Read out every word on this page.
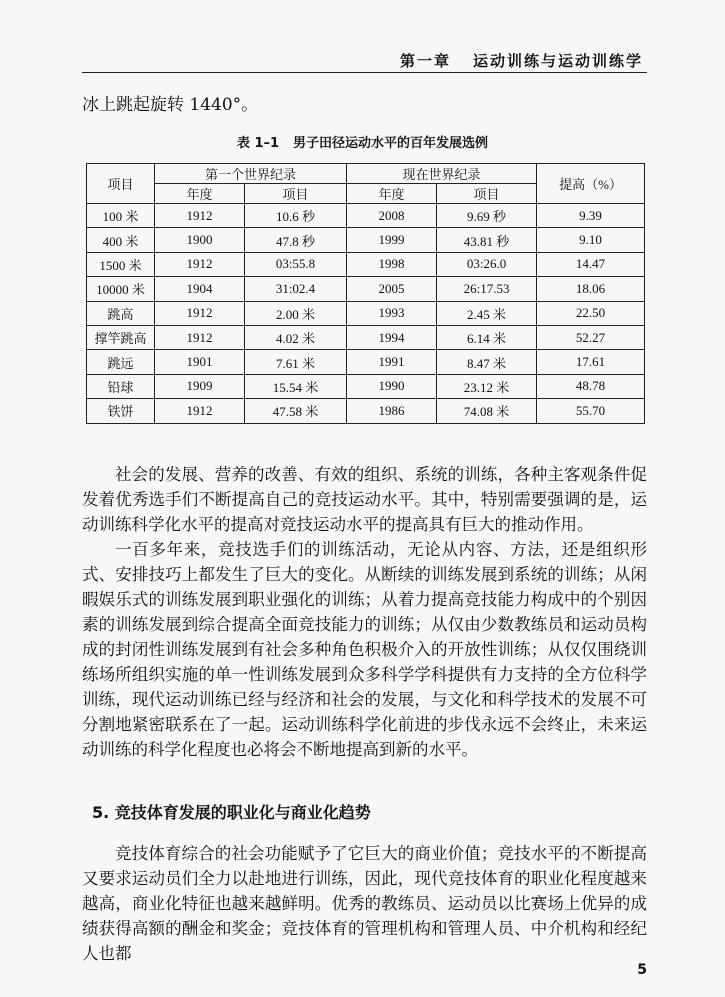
第一章 运动训练与运动训练学
冰上跳起旋转 1440°。
表 1–1 男子田径运动水平的百年发展选例
项目	第一个世界纪录		现在世界纪录		提高（%）
	年度	项目	年度	项目	
100 米	1912	10.6 秒	2008	9.69 秒	9.39
400 米	1900	47.8 秒	1999	43.81 秒	9.10
1500 米	1912	03:55.8	1998	03:26.0	14.47
10000 米	1904	31:02.4	2005	26:17.53	18.06
跳高	1912	2.00 米	1993	2.45 米	22.50
撑竿跳高	1912	4.02 米	1994	6.14 米	52.27
跳远	1901	7.61 米	1991	8.47 米	17.61
铅球	1909	15.54 米	1990	23.12 米	48.78
铁饼	1912	47.58 米	1986	74.08 米	55.70

社会的发展、营养的改善、有效的组织、系统的训练，各种主客观条件促发着优秀选手们不断提高自己的竞技运动水平。其中，特别需要强调的是，运动训练科学化水平的提高对竞技运动水平的提高具有巨大的推动作用。

一百多年来，竞技选手们的训练活动，无论从内容、方法，还是组织形式、安排技巧上都发生了巨大的变化。从断续的训练发展到系统的训练；从闲暇娱乐式的训练发展到职业强化的训练；从着力提高竞技能力构成中的个别因素的训练发展到综合提高全面竞技能力的训练；从仅由少数教练员和运动员构成的封闭性训练发展到有社会多种角色积极介入的开放性训练；从仅仅围绕训练场所组织实施的单一性训练发展到众多科学学科提供有力支持的全方位科学训练，现代运动训练已经与经济和社会的发展，与文化和科学技术的发展不可分割地紧密联系在了一起。运动训练科学化前进的步伐永远不会终止，未来运动训练的科学化程度也必将会不断地提高到新的水平。

5. 竞技体育发展的职业化与商业化趋势

竞技体育综合的社会功能赋予了它巨大的商业价值；竞技水平的不断提高又要求运动员们全力以赴地进行训练，因此，现代竞技体育的职业化程度越来越高，商业化特征也越来越鲜明。优秀的教练员、运动员以比赛场上优异的成绩获得高额的酬金和奖金；竞技体育的管理机构和管理人员、中介机构和经纪人也都

5
